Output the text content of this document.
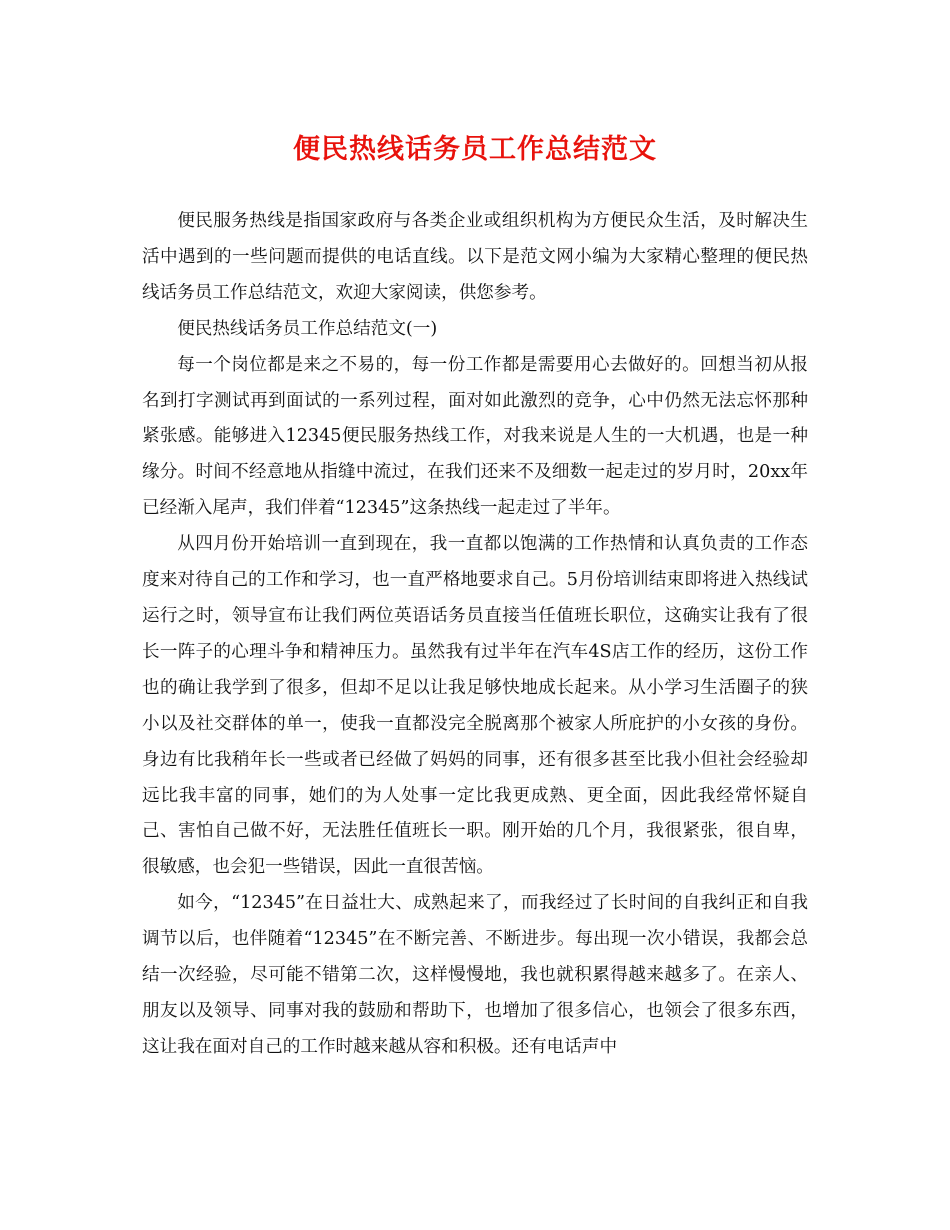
便民热线话务员工作总结范文

便民服务热线是指国家政府与各类企业或组织机构为方便民众生活，及时解决生活中遇到的一些问题而提供的电话直线。以下是范文网小编为大家精心整理的便民热线话务员工作总结范文，欢迎大家阅读，供您参考。

便民热线话务员工作总结范文(一)

每一个岗位都是来之不易的，每一份工作都是需要用心去做好的。回想当初从报名到打字测试再到面试的一系列过程，面对如此激烈的竞争，心中仍然无法忘怀那种紧张感。能够进入12345便民服务热线工作，对我来说是人生的一大机遇，也是一种缘分。时间不经意地从指缝中流过，在我们还来不及细数一起走过的岁月时，20xx年已经渐入尾声，我们伴着“12345”这条热线一起走过了半年。

从四月份开始培训一直到现在，我一直都以饱满的工作热情和认真负责的工作态度来对待自己的工作和学习，也一直严格地要求自己。5月份培训结束即将进入热线试运行之时，领导宣布让我们两位英语话务员直接当任值班长职位，这确实让我有了很长一阵子的心理斗争和精神压力。虽然我有过半年在汽车4S店工作的经历，这份工作也的确让我学到了很多，但却不足以让我足够快地成长起来。从小学习生活圈子的狭小以及社交群体的单一，使我一直都没完全脱离那个被家人所庇护的小女孩的身份。身边有比我稍年长一些或者已经做了妈妈的同事，还有很多甚至比我小但社会经验却远比我丰富的同事，她们的为人处事一定比我更成熟、更全面，因此我经常怀疑自己、害怕自己做不好，无法胜任值班长一职。刚开始的几个月，我很紧张，很自卑，很敏感，也会犯一些错误，因此一直很苦恼。

如今，“12345”在日益壮大、成熟起来了，而我经过了长时间的自我纠正和自我调节以后，也伴随着“12345”在不断完善、不断进步。每出现一次小错误，我都会总结一次经验，尽可能不错第二次，这样慢慢地，我也就积累得越来越多了。在亲人、朋友以及领导、同事对我的鼓励和帮助下，也增加了很多信心，也领会了很多东西，这让我在面对自己的工作时越来越从容和积极。还有电话声中
